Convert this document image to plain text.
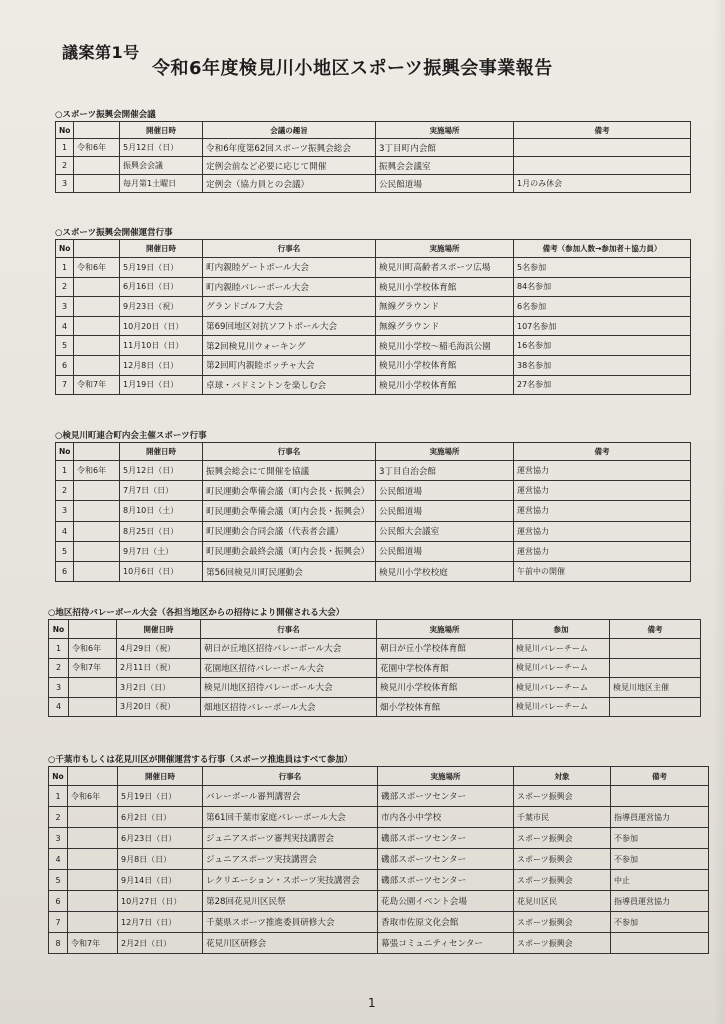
議案第1号
令和6年度検見川小地区スポーツ振興会事業報告
○スポーツ振興会開催会議
No		開催日時	会議の趣旨	実施場所	備考
1	令和6年	5月12日（日）	令和6年度第62回スポーツ振興会総会	3丁目町内会館	
2		振興会会議	定例会前など必要に応じて開催	振興会会議室	
3		毎月第1土曜日	定例会（協力員との会議）	公民館道場	1月のみ休会
○スポーツ振興会開催運営行事
No		開催日時	行事名	実施場所	備考（参加人数→参加者＋協力員）
1	令和6年	5月19日（日）	町内親睦ゲートボール大会	検見川町高齢者スポーツ広場	5名参加
2		6月16日（日）	町内親睦バレーボール大会	検見川小学校体育館	84名参加
3		9月23日（祝）	グランドゴルフ大会	無線グラウンド	6名参加
4		10月20日（日）	第69回地区対抗ソフトボール大会	無線グラウンド	107名参加
5		11月10日（日）	第2回検見川ウォーキング	検見川小学校～稲毛海浜公園	16名参加
6		12月8日（日）	第2回町内親睦ボッチャ大会	検見川小学校体育館	38名参加
7	令和7年	1月19日（日）	卓球・バドミントンを楽しむ会	検見川小学校体育館	27名参加
○検見川町連合町内会主催スポーツ行事
No		開催日時	行事名	実施場所	備考
1	令和6年	5月12日（日）	振興会総会にて開催を協議	3丁目自治会館	運営協力
2		7月7日（日）	町民運動会準備会議（町内会長・振興会）	公民館道場	運営協力
3		8月10日（土）	町民運動会準備会議（町内会長・振興会）	公民館道場	運営協力
4		8月25日（日）	町民運動会合同会議（代表者会議）	公民館大会議室	運営協力
5		9月7日（土）	町民運動会最終会議（町内会長・振興会）	公民館道場	運営協力
6		10月6日（日）	第56回検見川町民運動会	検見川小学校校庭	午前中の開催
○地区招待バレーボール大会（各担当地区からの招待により開催される大会）
No		開催日時	行事名	実施場所	参加	備考
1	令和6年	4月29日（祝）	朝日が丘地区招待バレーボール大会	朝日が丘小学校体育館	検見川バレーチーム	
2	令和7年	2月11日（祝）	花園地区招待バレーボール大会	花園中学校体育館	検見川バレーチーム	
3		3月2日（日）	検見川地区招待バレーボール大会	検見川小学校体育館	検見川バレーチーム	検見川地区主催
4		3月20日（祝）	畑地区招待バレーボール大会	畑小学校体育館	検見川バレーチーム	
○千葉市もしくは花見川区が開催運営する行事（スポーツ推進員はすべて参加）
No		開催日時	行事名	実施場所	対象	備考
1	令和6年	5月19日（日）	バレーボール審判講習会	磯部スポーツセンター	スポーツ振興会	
2		6月2日（日）	第61回千葉市家庭バレーボール大会	市内各小中学校	千葉市民	指導員運営協力
3		6月23日（日）	ジュニアスポーツ審判実技講習会	磯部スポーツセンター	スポーツ振興会	不参加
4		9月8日（日）	ジュニアスポーツ実技講習会	磯部スポーツセンター	スポーツ振興会	不参加
5		9月14日（日）	レクリエーション・スポーツ実技講習会	磯部スポーツセンター	スポーツ振興会	中止
6		10月27日（日）	第28回花見川区民祭	花島公園イベント会場	花見川区民	指導員運営協力
7		12月7日（日）	千葉県スポーツ推進委員研修大会	香取市佐原文化会館	スポーツ振興会	不参加
8	令和7年	2月2日（日）	花見川区研修会	幕張コミュニティセンター	スポーツ振興会	
1
